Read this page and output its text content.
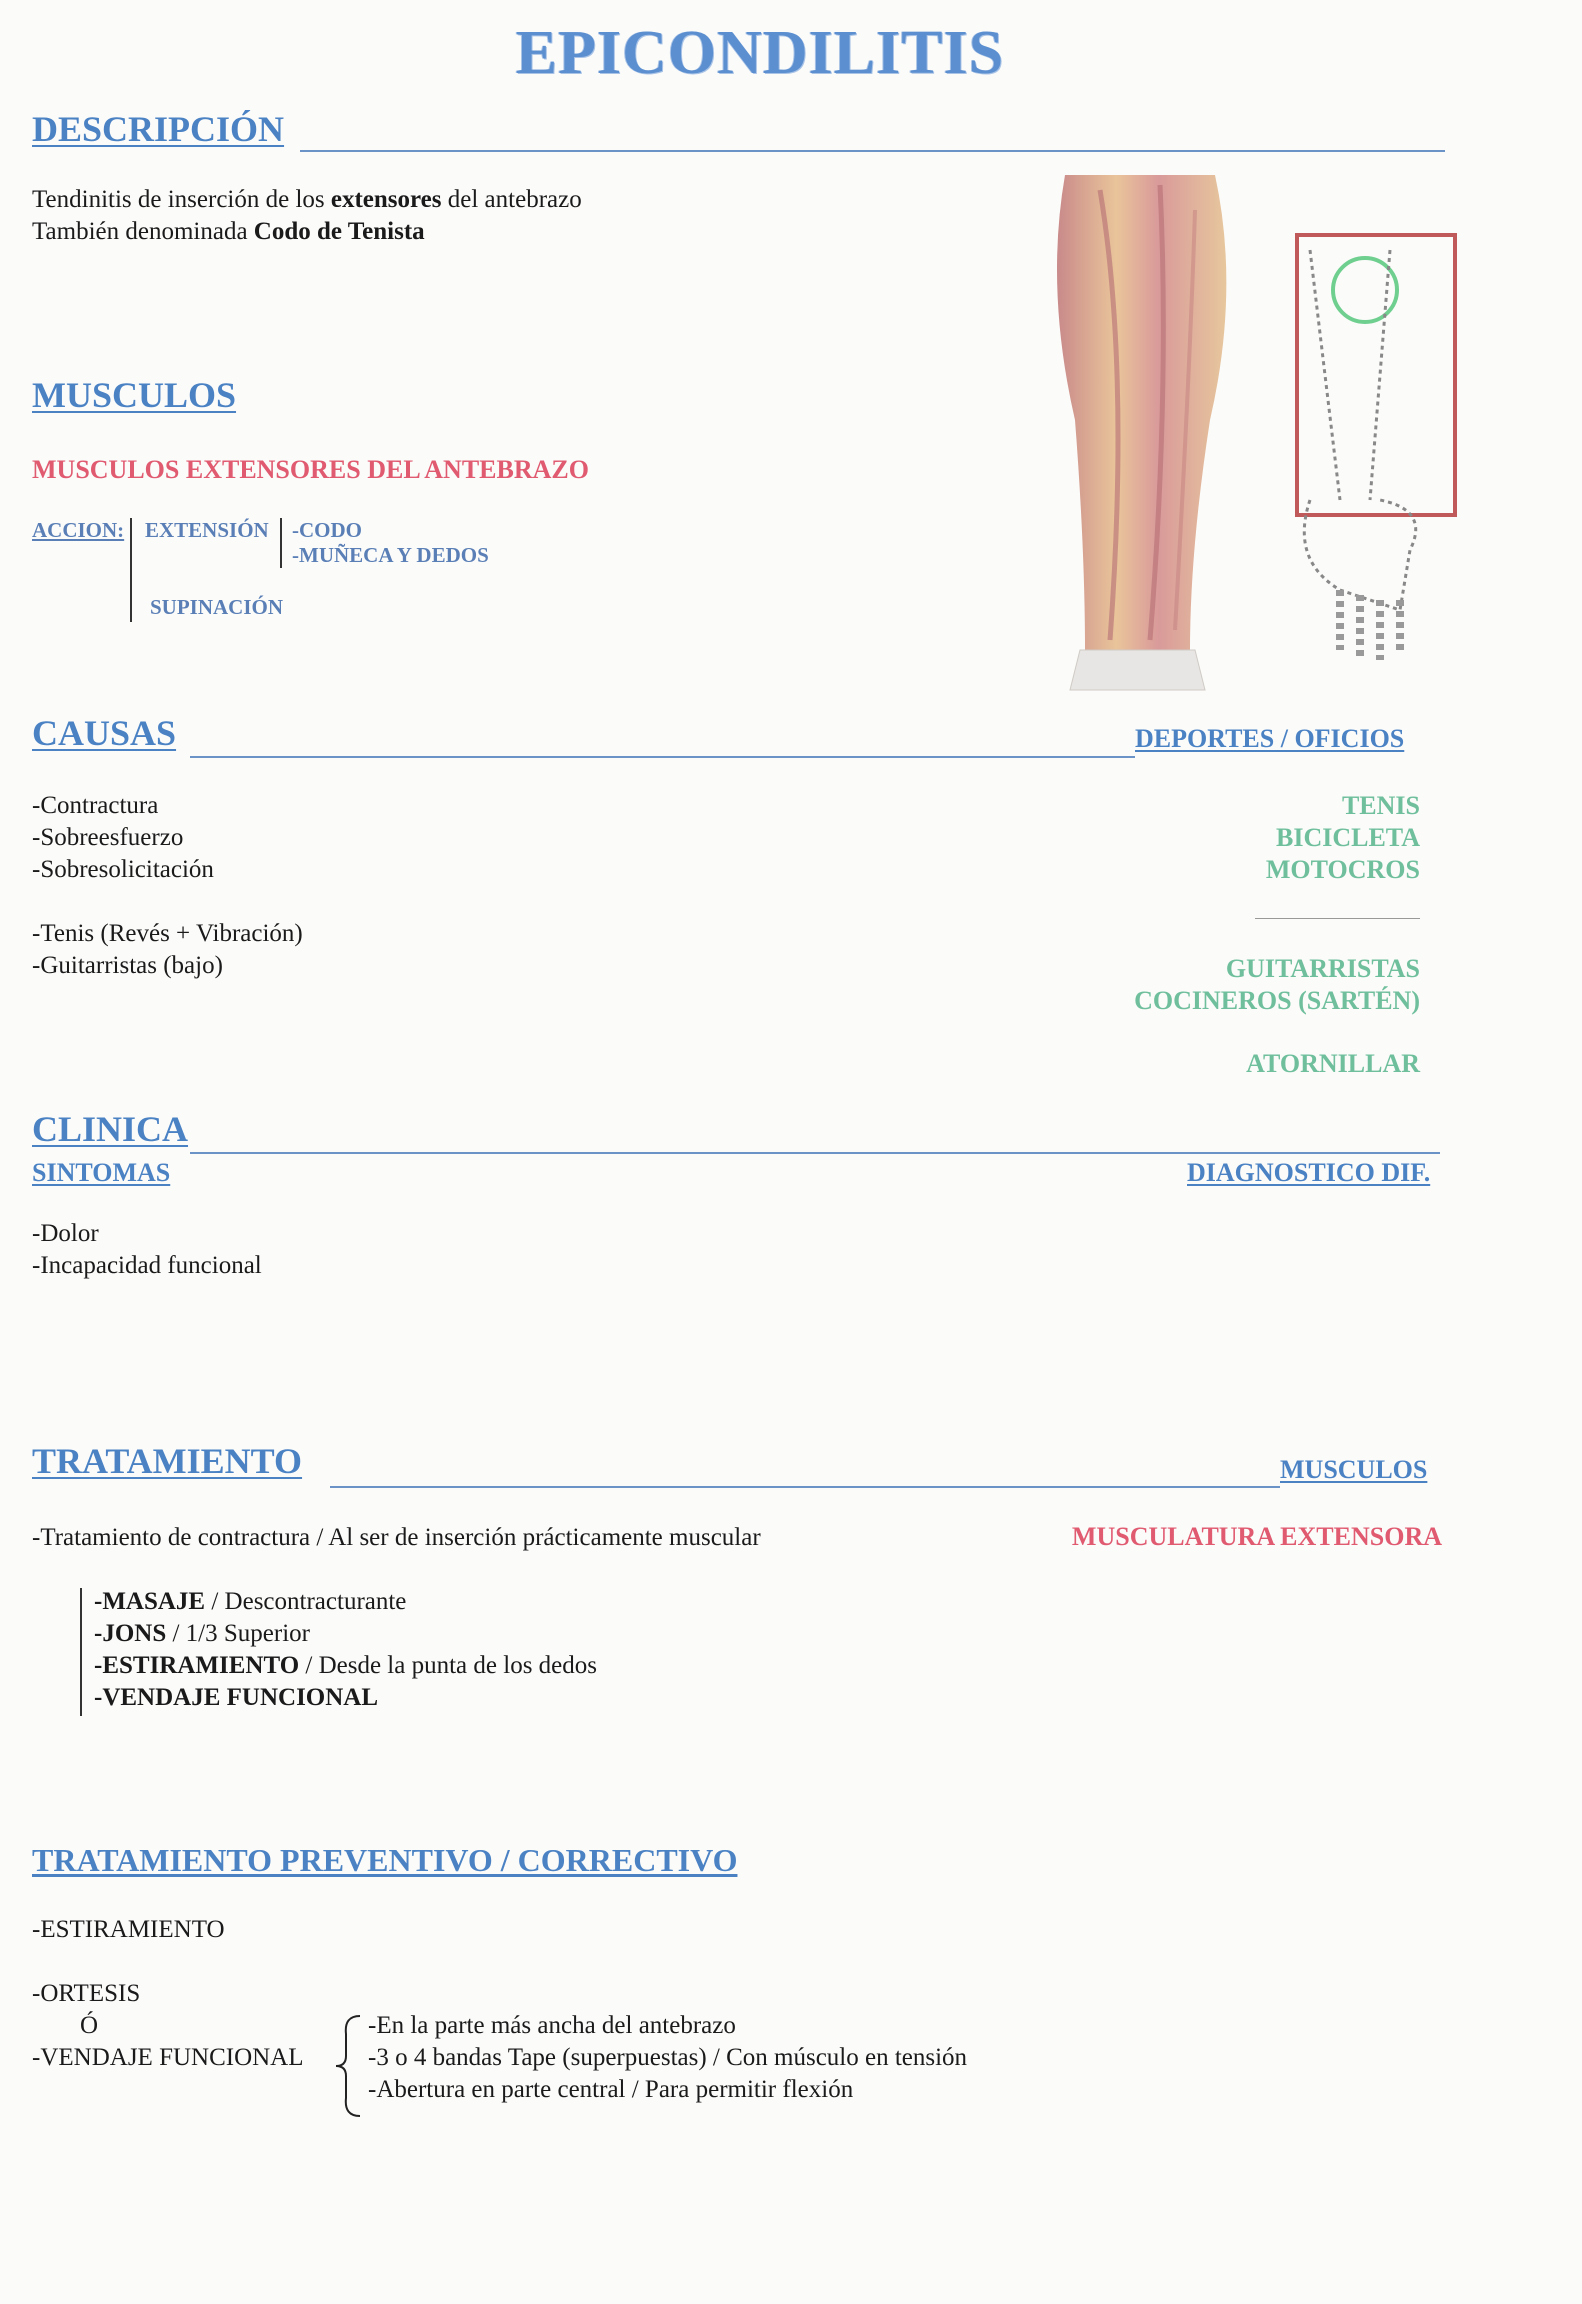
EPICONDILITIS
DESCRIPCIÓN
Tendinitis de inserción de los extensores del antebrazo
También denominada Codo de Tenista
MUSCULOS
MUSCULOS EXTENSORES DEL ANTEBRAZO
ACCION: EXTENSIÓN -CODO
-MUÑECA Y DEDOS
SUPINACIÓN
CAUSAS	DEPORTES / OFICIOS
-Contractura
-Sobreesfuerzo
-Sobresolicitación
-Tenis (Revés + Vibración)
-Guitarristas (bajo)
TENIS
BICICLETA
MOTOCROS
GUITARRISTAS
COCINEROS (SARTÉN)
ATORNILLAR
CLINICA
SINTOMAS	DIAGNOSTICO DIF.
-Dolor
-Incapacidad funcional
TRATAMIENTO	MUSCULOS
-Tratamiento de contractura / Al ser de inserción prácticamente muscular	MUSCULATURA EXTENSORA
-MASAJE / Descontracturante
-JONS / 1/3 Superior
-ESTIRAMIENTO / Desde la punta de los dedos
-VENDAJE FUNCIONAL
TRATAMIENTO PREVENTIVO / CORRECTIVO
-ESTIRAMIENTO
-ORTESIS
Ó
-VENDAJE FUNCIONAL
-En la parte más ancha del antebrazo
-3 o 4 bandas Tape (superpuestas) / Con músculo en tensión
-Abertura en parte central / Para permitir flexión
